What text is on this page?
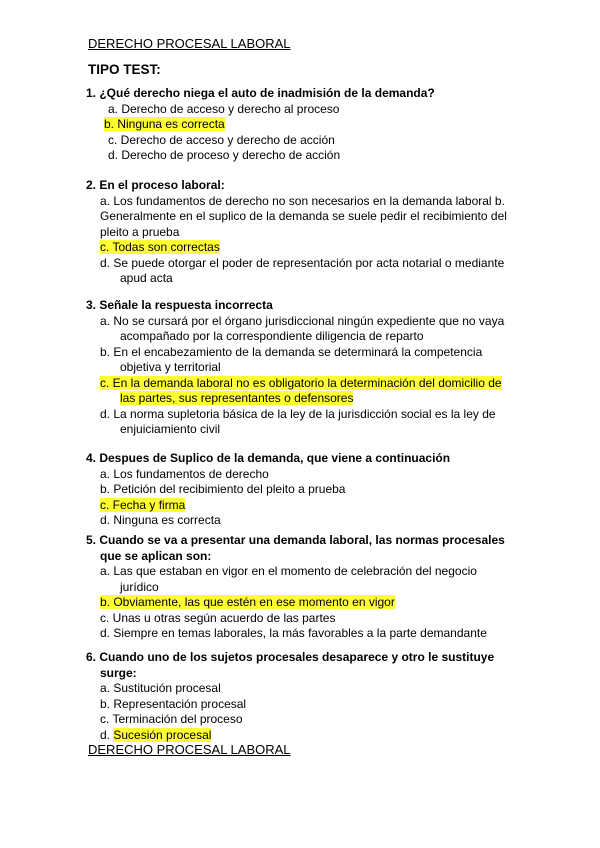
DERECHO PROCESAL LABORAL
TIPO TEST:
1. ¿Qué derecho niega el auto de inadmisión de la demanda?
a. Derecho de acceso y derecho al proceso
b. Ninguna es correcta
c. Derecho de acceso y derecho de acción
d. Derecho de proceso y derecho de acción
2. En el proceso laboral:
a. Los fundamentos de derecho no son necesarios en la demanda laboral b. Generalmente en el suplico de la demanda se suele pedir el recibimiento del pleito a prueba
c. Todas son correctas
d. Se puede otorgar el poder de representación por acta notarial o mediante apud acta
3. Señale la respuesta incorrecta
a. No se cursará por el órgano jurisdiccional ningún expediente que no vaya acompañado por la correspondiente diligencia de reparto
b. En el encabezamiento de la demanda se determinará la competencia objetiva y territorial
c. En la demanda laboral no es obligatorio la determinación del domicilio de las partes, sus representantes o defensores
d. La norma supletoria básica de la ley de la jurisdicción social es la ley de enjuiciamiento civil
4. Despues de Suplico de la demanda, que viene a continuación
a. Los fundamentos de derecho
b. Petición del recibimiento del pleito a prueba
c. Fecha y firma
d. Ninguna es correcta
5. Cuando se va a presentar una demanda laboral, las normas procesales que se aplican son:
a. Las que estaban en vigor en el momento de celebración del negocio jurídico
b. Obviamente, las que estén en ese momento en vigor
c. Unas u otras según acuerdo de las partes
d. Siempre en temas laborales, la más favorables a la parte demandante
6. Cuando uno de los sujetos procesales desaparece y otro le sustituye surge:
a. Sustitución procesal
b. Representación procesal
c. Terminación del proceso
d. Sucesión procesal
DERECHO PROCESAL LABORAL
